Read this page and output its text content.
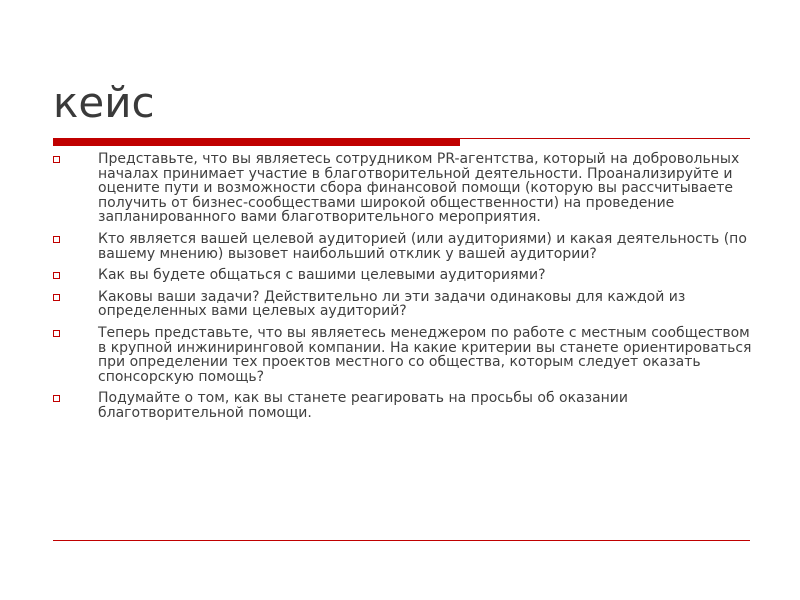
кейс
Представьте, что вы являетесь сотрудником PR-агентства, который на добровольных началах принимает участие в благотворительной деятельности. Проанализируйте и оцените пути и возможности сбора финансовой помощи (которую вы рассчитываете получить от бизнес-сообществами широкой общественности) на проведение запланированного вами благотворительного мероприятия.
Кто является вашей целевой аудиторией (или аудиториями) и какая деятельность (по вашему мнению) вызовет наибольший отклик у вашей аудитории?
Как вы будете общаться с вашими целевыми аудиториями?
Каковы ваши задачи? Действительно ли эти задачи одинаковы для каждой из определенных вами целевых аудиторий?
Теперь представьте, что вы являетесь менеджером по работе с местным сообществом в крупной инжиниринговой компании. На какие критерии вы станете ориентироваться при определении тех проектов местного со общества, которым следует оказать спонсорскую помощь?
Подумайте о том, как вы станете реагировать на просьбы об оказании благотворительной помощи.
